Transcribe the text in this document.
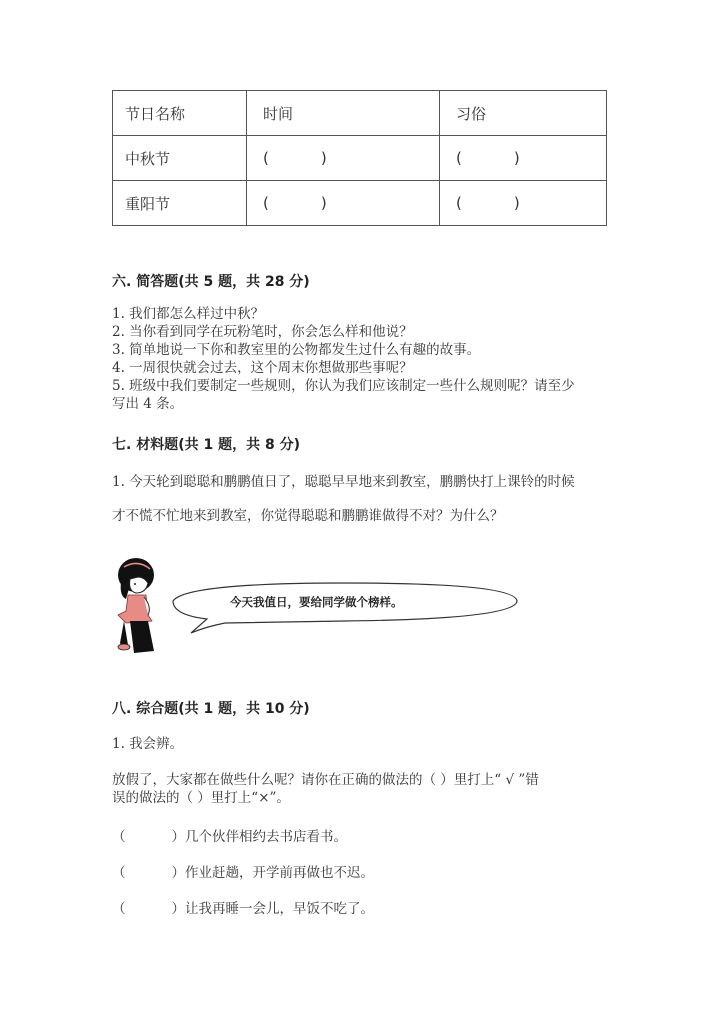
节日名称	时间	习俗
中秋节	( )	( )
重阳节	( )	( )
六. 简答题(共 5 题，共 28 分)
1. 我们都怎么样过中秋？
2. 当你看到同学在玩粉笔时，你会怎么样和他说？
3. 简单地说一下你和教室里的公物都发生过什么有趣的故事。
4. 一周很快就会过去，这个周末你想做那些事呢？
5. 班级中我们要制定一些规则，你认为我们应该制定一些什么规则呢？请至少
写出 4 条。
七. 材料题(共 1 题，共 8 分)
1. 今天轮到聪聪和鹏鹏值日了，聪聪早早地来到教室，鹏鹏快打上课铃的时候
才不慌不忙地来到教室，你觉得聪聪和鹏鹏谁做得不对？为什么？
今天我值日，要给同学做个榜样。
八. 综合题(共 1 题，共 10 分)
1. 我会辨。
放假了，大家都在做些什么呢？请你在正确的做法的（ ）里打上“ √ ”错
误的做法的（ ）里打上“×”。
（	）几个伙伴相约去书店看书。
（	）作业赶趟，开学前再做也不迟。
（	）让我再睡一会儿，早饭不吃了。
